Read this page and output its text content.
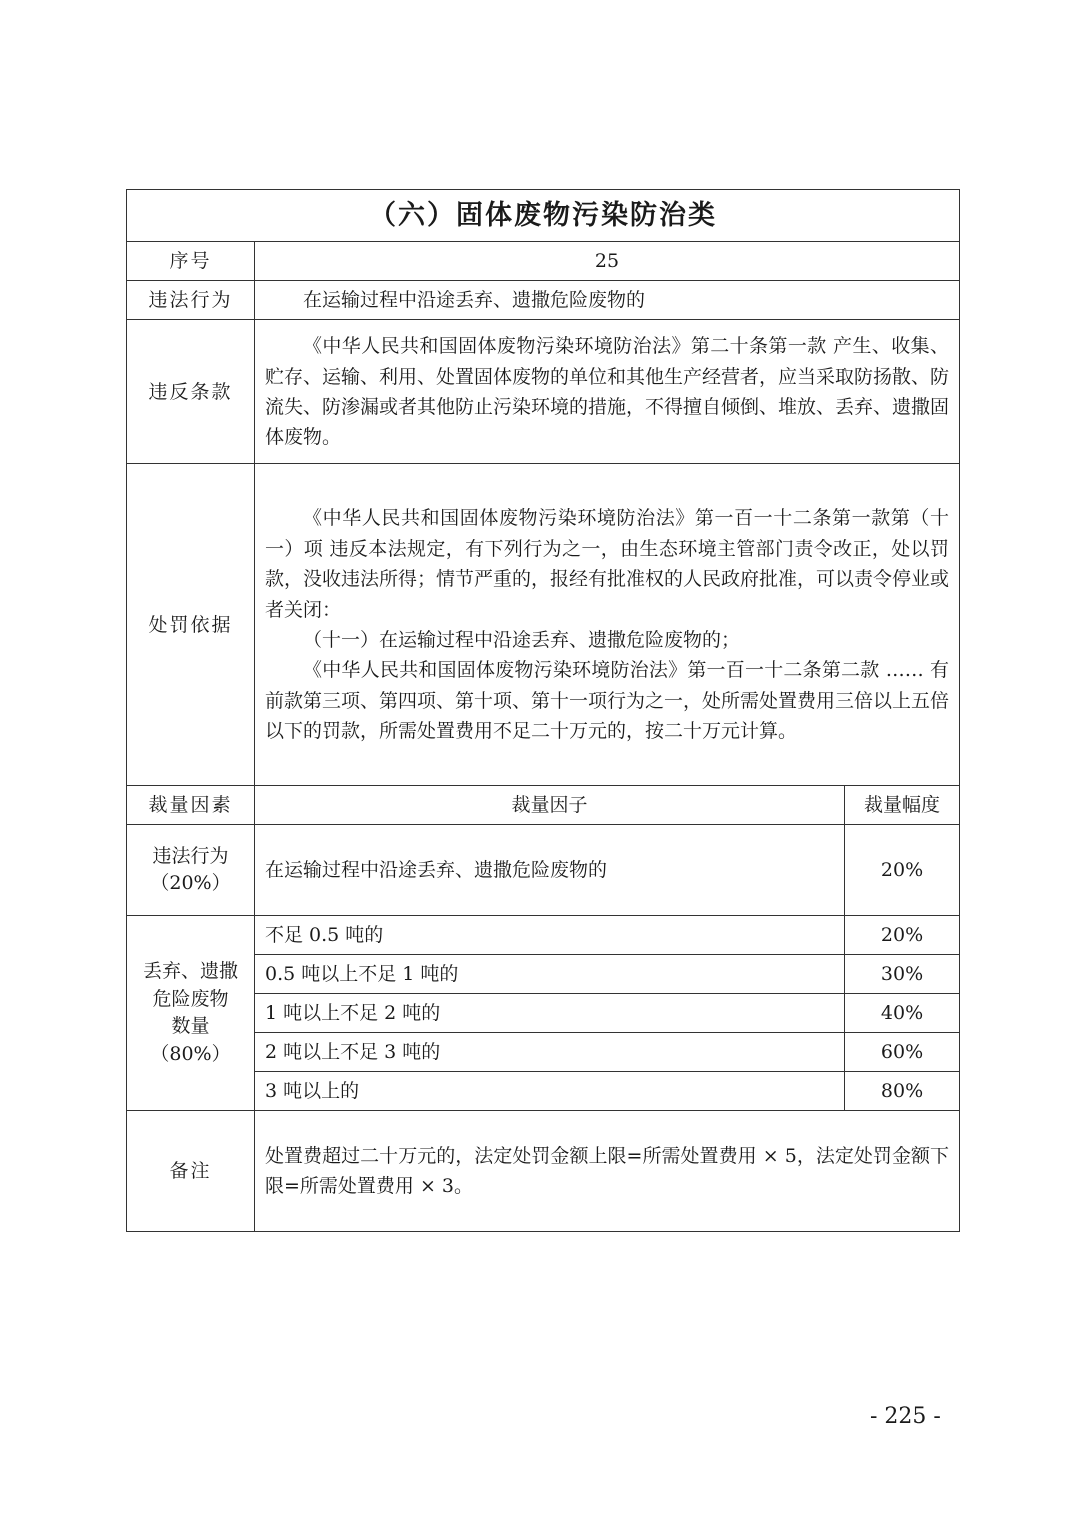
（六）固体废物污染防治类		
序号	25	
违法行为	在运输过程中沿途丢弃、遗撒危险废物的	
违反条款	《中华人民共和国固体废物污染环境防治法》第二十条第一款 产生、收集、贮存、运输、利用、处置固体废物的单位和其他生产经营者，应当采取防扬散、防流失、防渗漏或者其他防止污染环境的措施，不得擅自倾倒、堆放、丢弃、遗撒固体废物。	
处罚依据	《中华人民共和国固体废物污染环境防治法》第一百一十二条第一款第（十一）项 违反本法规定，有下列行为之一，由生态环境主管部门责令改正，处以罚款，没收违法所得；情节严重的，报经有批准权的人民政府批准，可以责令停业或者关闭：

（十一）在运输过程中沿途丢弃、遗撒危险废物的；

《中华人民共和国固体废物污染环境防治法》第一百一十二条第二款 …… 有前款第三项、第四项、第十项、第十一项行为之一，处所需处置费用三倍以上五倍以下的罚款，所需处置费用不足二十万元的，按二十万元计算。	

裁量因素	裁量因子	裁量幅度

违法行为
（20%）	在运输过程中沿途丢弃、遗撒危险废物的	20%

丢弃、遗撒
危险废物
数量
（80%）	不足 0.5 吨的	20%
	0.5 吨以上不足 1 吨的	30%
	1 吨以上不足 2 吨的	40%
	2 吨以上不足 3 吨的	60%
	3 吨以上的	80%
备注	处置费超过二十万元的，法定处罚金额上限=所需处置费用 × 5，法定处罚金额下限=所需处置费用 × 3。	
- 225 -
